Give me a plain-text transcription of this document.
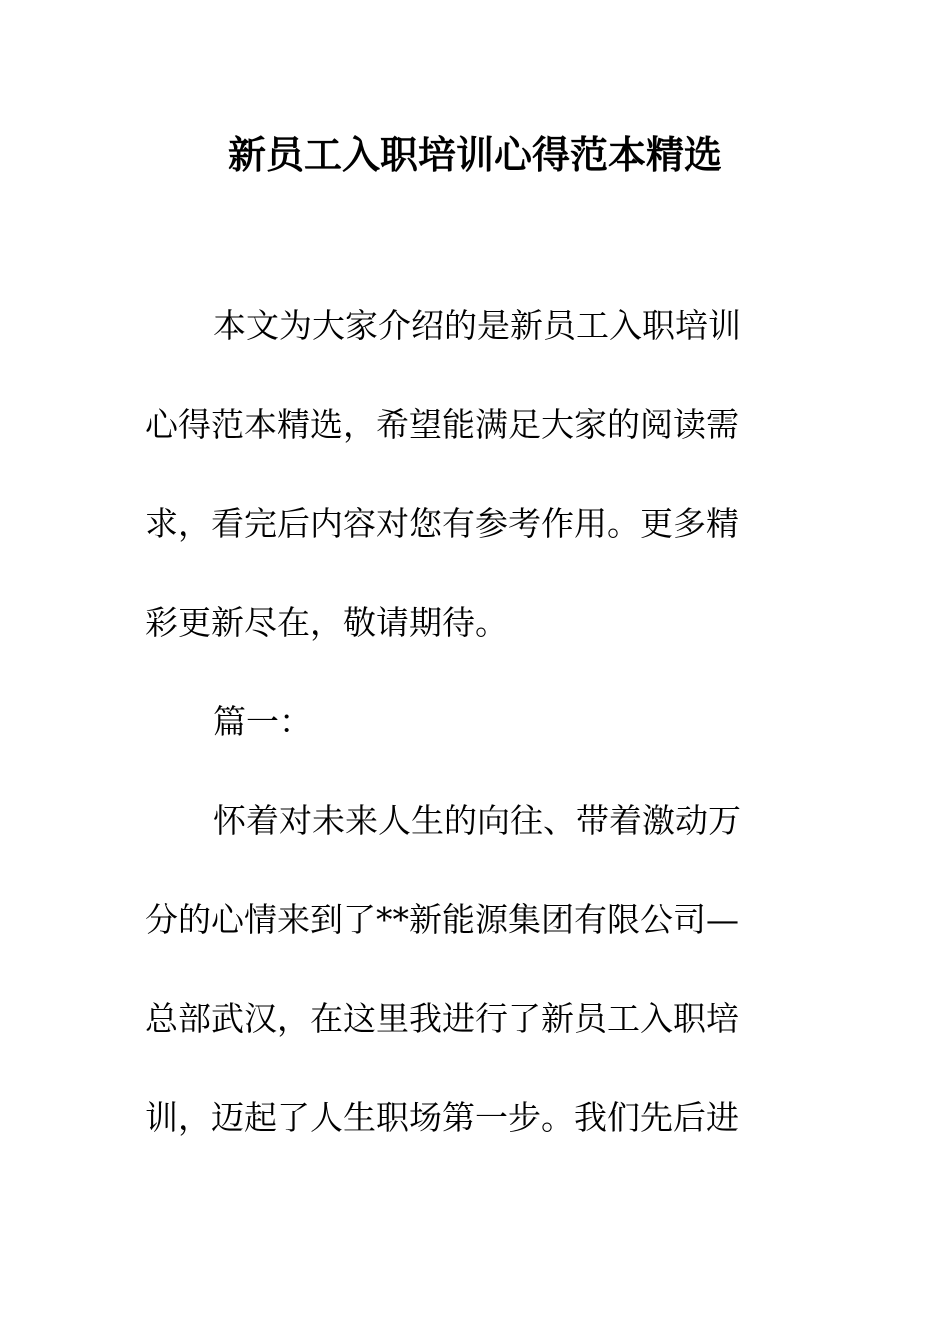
新员工入职培训心得范本精选

本文为大家介绍的是新员工入职培训

心得范本精选，希望能满足大家的阅读需

求，看完后内容对您有参考作用。更多精

彩更新尽在，敬请期待。

篇一：

怀着对未来人生的向往、带着激动万

分的心情来到了**新能源集团有限公司—

总部武汉，在这里我进行了新员工入职培

训，迈起了人生职场第一步。我们先后进
